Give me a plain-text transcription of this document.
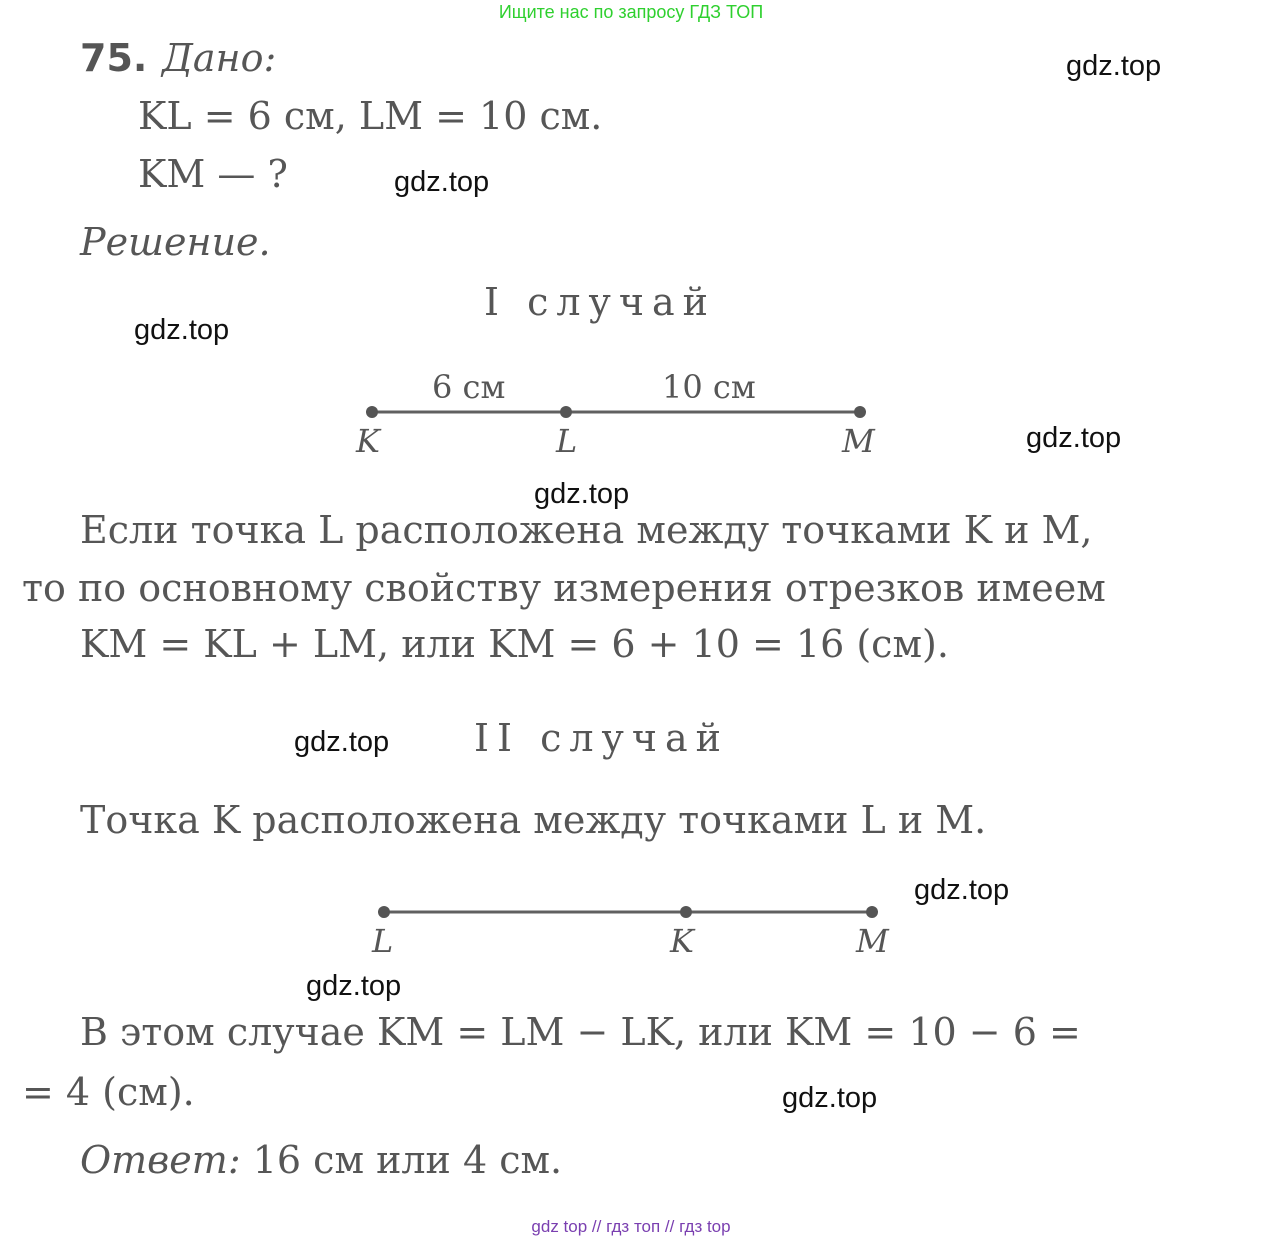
Ищите нас по запросу ГДЗ ТОП
75. Дано:
KL = 6 см, LM = 10 см.
KM — ?
Решение.
I случай
6 см	10 см
K	L	M
Если точка L расположена между точками K и M,
то по основному свойству измерения отрезков имеем
KM = KL + LM, или KM = 6 + 10 = 16 (см).
II случай
Точка K расположена между точками L и M.
L	K	M
В этом случае KM = LM − LK, или KM = 10 − 6 =
= 4 (см).
Ответ: 16 см или 4 см.
gdz.top
gdz.top
gdz.top
gdz.top
gdz.top
gdz.top
gdz.top
gdz.top
gdz.top
gdz top // гдз топ // гдз top
